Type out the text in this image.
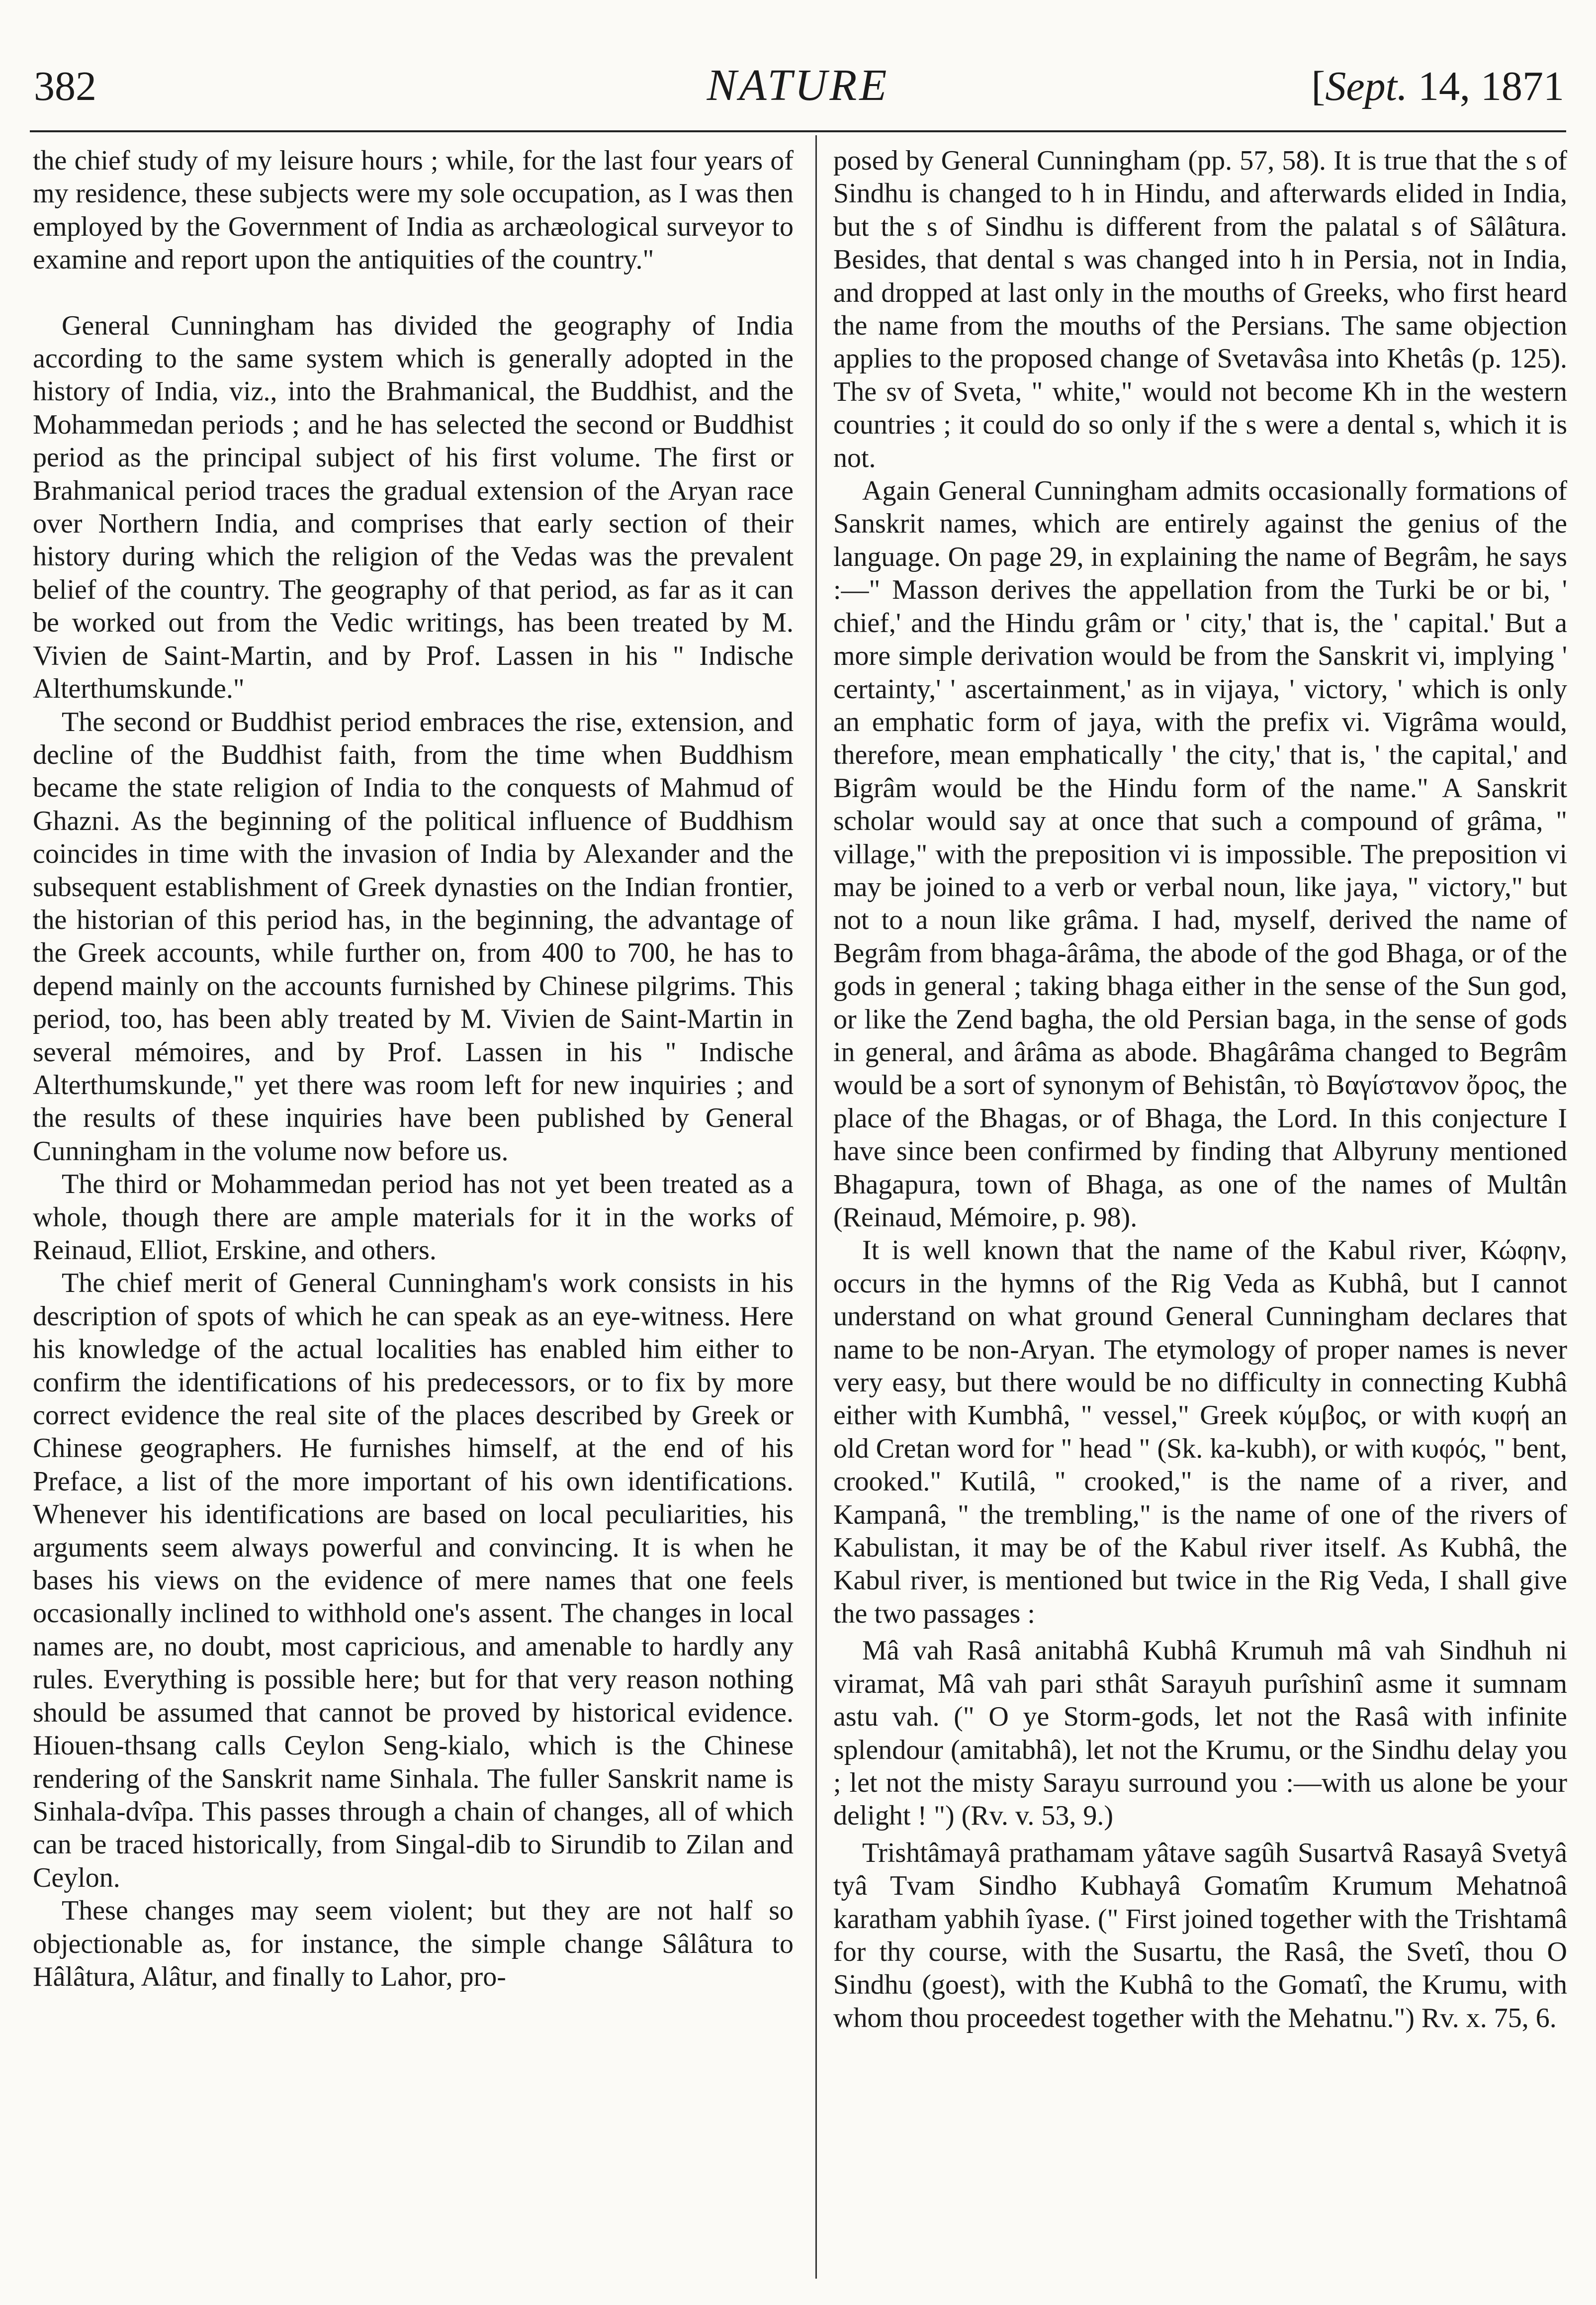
382	NATURE	[Sept. 14, 1871

the chief study of my leisure hours ; while, for the last four years of my residence, these subjects were my sole occupation, as I was then employed by the Government of India as archæological surveyor to examine and report upon the antiquities of the country."

General Cunningham has divided the geography of India according to the same system which is generally adopted in the history of India, viz., into the Brahmanical, the Buddhist, and the Mohammedan periods ; and he has selected the second or Buddhist period as the principal subject of his first volume. The first or Brahmanical period traces the gradual extension of the Aryan race over Northern India, and comprises that early section of their history during which the religion of the Vedas was the prevalent belief of the country. The geography of that period, as far as it can be worked out from the Vedic writings, has been treated by M. Vivien de Saint-Martin, and by Prof. Lassen in his " Indische Alterthumskunde."

The second or Buddhist period embraces the rise, extension, and decline of the Buddhist faith, from the time when Buddhism became the state religion of India to the conquests of Mahmud of Ghazni. As the beginning of the political influence of Buddhism coincides in time with the invasion of India by Alexander and the subsequent establishment of Greek dynasties on the Indian frontier, the historian of this period has, in the beginning, the advantage of the Greek accounts, while further on, from 400 to 700, he has to depend mainly on the accounts furnished by Chinese pilgrims. This period, too, has been ably treated by M. Vivien de Saint-Martin in several mémoires, and by Prof. Lassen in his " Indische Alterthumskunde," yet there was room left for new inquiries ; and the results of these inquiries have been published by General Cunningham in the volume now before us.

The third or Mohammedan period has not yet been treated as a whole, though there are ample materials for it in the works of Reinaud, Elliot, Erskine, and others.

The chief merit of General Cunningham's work consists in his description of spots of which he can speak as an eye-witness. Here his knowledge of the actual localities has enabled him either to confirm the identifications of his predecessors, or to fix by more correct evidence the real site of the places described by Greek or Chinese geographers. He furnishes himself, at the end of his Preface, a list of the more important of his own identifications. Whenever his identifications are based on local peculiarities, his arguments seem always powerful and convincing. It is when he bases his views on the evidence of mere names that one feels occasionally inclined to withhold one's assent. The changes in local names are, no doubt, most capricious, and amenable to hardly any rules. Everything is possible here; but for that very reason nothing should be assumed that cannot be proved by historical evidence. Hiouen-thsang calls Ceylon Seng-kialo, which is the Chinese rendering of the Sanskrit name Sinhala. The fuller Sanskrit name is Sinhala-dvîpa. This passes through a chain of changes, all of which can be traced historically, from Singal-dib to Sirundib to Zilan and Ceylon.

These changes may seem violent; but they are not half so objectionable as, for instance, the simple change Sâlâtura to Hâlâtura, Alâtur, and finally to Lahor, pro-

posed by General Cunningham (pp. 57, 58). It is true that the s of Sindhu is changed to h in Hindu, and afterwards elided in India, but the s of Sindhu is different from the palatal s of Sâlâtura. Besides, that dental s was changed into h in Persia, not in India, and dropped at last only in the mouths of Greeks, who first heard the name from the mouths of the Persians. The same objection applies to the proposed change of Svetavâsa into Khetâs (p. 125). The sv of Sveta, " white," would not become Kh in the western countries ; it could do so only if the s were a dental s, which it is not.

Again General Cunningham admits occasionally formations of Sanskrit names, which are entirely against the genius of the language. On page 29, in explaining the name of Begrâm, he says :—" Masson derives the appellation from the Turki be or bi, ' chief,' and the Hindu grâm or ' city,' that is, the ' capital.' But a more simple derivation would be from the Sanskrit vi, implying ' certainty,' ' ascertainment,' as in vijaya, ' victory, ' which is only an emphatic form of jaya, with the prefix vi. Vigrâma would, therefore, mean emphatically ' the city,' that is, ' the capital,' and Bigrâm would be the Hindu form of the name." A Sanskrit scholar would say at once that such a compound of grâma, " village," with the preposition vi is impossible. The preposition vi may be joined to a verb or verbal noun, like jaya, " victory," but not to a noun like grâma. I had, myself, derived the name of Begrâm from bhaga-ârâma, the abode of the god Bhaga, or of the gods in general ; taking bhaga either in the sense of the Sun god, or like the Zend bagha, the old Persian baga, in the sense of gods in general, and ârâma as abode. Bhagârâma changed to Begrâm would be a sort of synonym of Behistân, τὸ Βαγίστανον ὄρος, the place of the Bhagas, or of Bhaga, the Lord. In this conjecture I have since been confirmed by finding that Albyruny mentioned Bhagapura, town of Bhaga, as one of the names of Multân (Reinaud, Mémoire, p. 98).

It is well known that the name of the Kabul river, Κώφην, occurs in the hymns of the Rig Veda as Kubhâ, but I cannot understand on what ground General Cunningham declares that name to be non-Aryan. The etymology of proper names is never very easy, but there would be no difficulty in connecting Kubhâ either with Kumbhâ, " vessel," Greek κύμβος, or with κυφή an old Cretan word for " head " (Sk. ka-kubh), or with κυφός, " bent, crooked." Kutilâ, " crooked," is the name of a river, and Kampanâ, " the trembling," is the name of one of the rivers of Kabulistan, it may be of the Kabul river itself. As Kubhâ, the Kabul river, is mentioned but twice in the Rig Veda, I shall give the two passages :

Mâ vah Rasâ anitabhâ Kubhâ Krumuh mâ vah Sindhuh ni viramat, Mâ vah pari sthât Sarayuh purîshinî asme it sumnam astu vah. (" O ye Storm-gods, let not the Rasâ with infinite splendour (amitabhâ), let not the Krumu, or the Sindhu delay you ; let not the misty Sarayu surround you :—with us alone be your delight ! ") (Rv. v. 53, 9.)

Trishtâmayâ prathamam yâtave sagûh Susartvâ Rasayâ Svetyâ tyâ Tvam Sindho Kubhayâ Gomatîm Krumum Mehatnoâ karatham yabhih îyase. (" First joined together with the Trishtamâ for thy course, with the Susartu, the Rasâ, the Svetî, thou O Sindhu (goest), with the Kubhâ to the Gomatî, the Krumu, with whom thou proceedest together with the Mehatnu.") Rv. x. 75, 6.
